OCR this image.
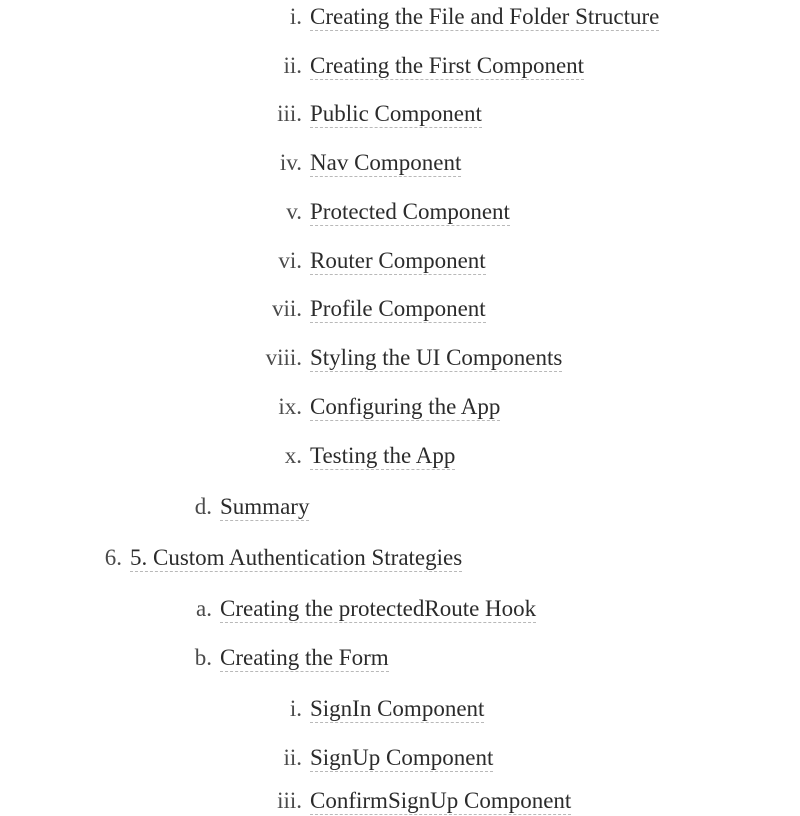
i. Creating the File and Folder Structure
ii. Creating the First Component
iii. Public Component
iv. Nav Component
v. Protected Component
vi. Router Component
vii. Profile Component
viii. Styling the UI Components
ix. Configuring the App
x. Testing the App
d. Summary
6. 5. Custom Authentication Strategies
a. Creating the protectedRoute Hook
b. Creating the Form
i. SignIn Component
ii. SignUp Component
iii. ConfirmSignUp Component
